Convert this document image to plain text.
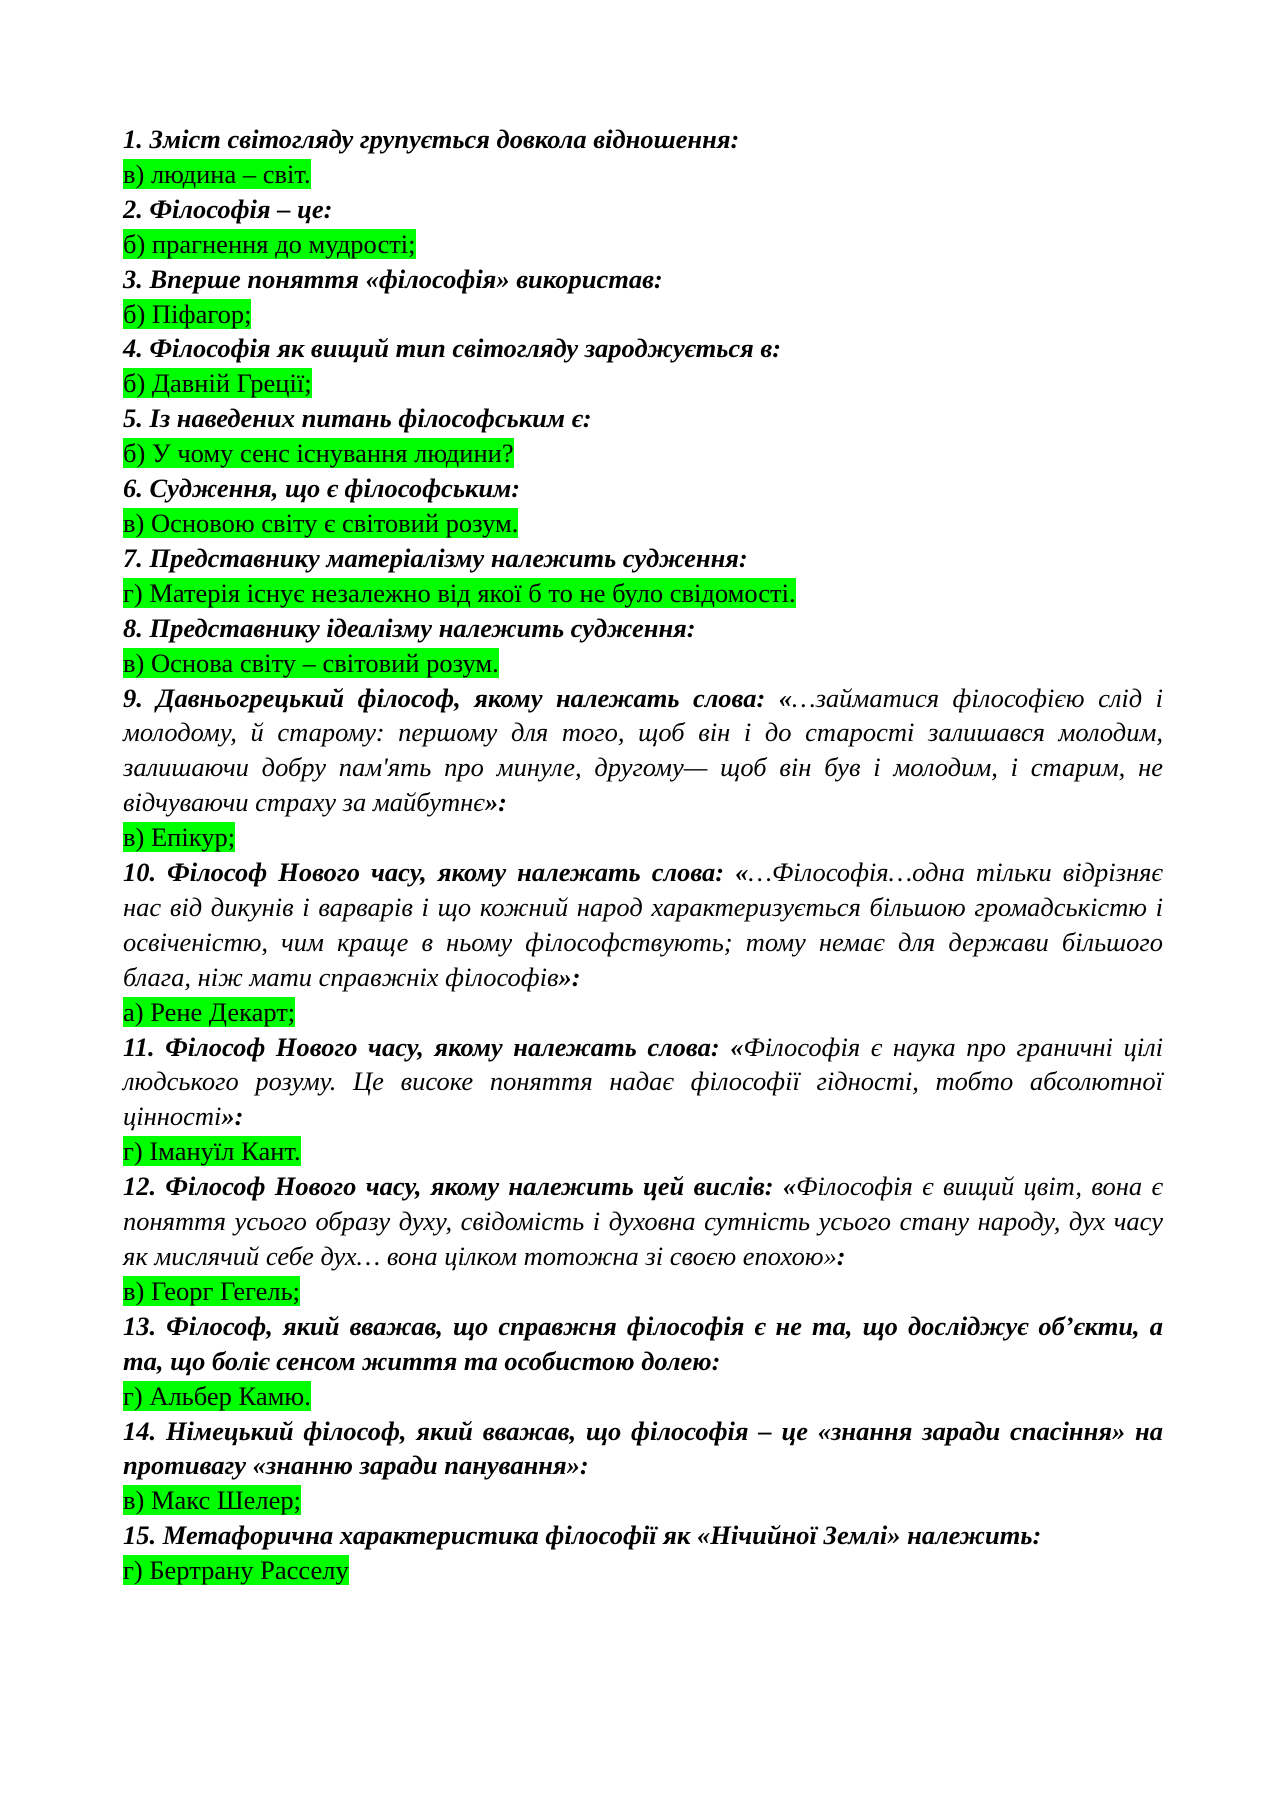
1. Зміст світогляду групується довкола відношення:

в) людина – світ.

2. Філософія – це:

б) прагнення до мудрості;

3. Вперше поняття «філософія» використав:

б) Піфагор;

4. Філософія як вищий тип світогляду зароджується в:

б) Давній Греції;

5. Із наведених питань філософським є:

б) У чому сенс існування людини?

6. Судження, що є філософським:

в) Основою світу є світовий розум.

7. Представнику матеріалізму належить судження:

г) Матерія існує незалежно від якої б то не було свідомості.

8. Представнику ідеалізму належить судження:

в) Основа світу – світовий розум.

9. Давньогрецький філософ, якому належать слова: «…займатися філософією слід і молодому, й старому: першому для того, щоб він і до старості залишався молодим, залишаючи добру пам'ять про минуле, другому— щоб він був і молодим, і старим, не відчуваючи страху за майбутнє»:

в) Епікур;

10. Філософ Нового часу, якому належать слова: «…Філософія…одна тільки відрізняє нас від дикунів і варварів і що кожний народ характеризується більшою громадськістю і освіченістю, чим краще в ньому філософствують; тому немає для держави більшого блага, ніж мати справжніх філософів»:

а) Рене Декарт;

11. Філософ Нового часу, якому належать слова: «Філософія є наука про граничні цілі людського розуму. Це високе поняття надає філософії гідності, тобто абсолютної цінності»:

г) Імануїл Кант.

12. Філософ Нового часу, якому належить цей вислів: «Філософія є вищий цвіт, вона є поняття усього образу духу, свідомість і духовна сутність усього стану народу, дух часу як мислячий себе дух… вона цілком тотожна зі своєю епохою»:

в) Георг Гегель;

13. Філософ, який вважав, що справжня філософія є не та, що досліджує об’єкти, а та, що болiє сенсом життя та особистою долею:

г) Альбер Камю.

14. Німецький філософ, який вважав, що філософія – це «знання заради спасіння» на противагу «знанню заради панування»:

в) Макс Шелер;

15. Метафорична характеристика філософії як «Нічийної Землі» належить:

г) Бертрану Расселу
